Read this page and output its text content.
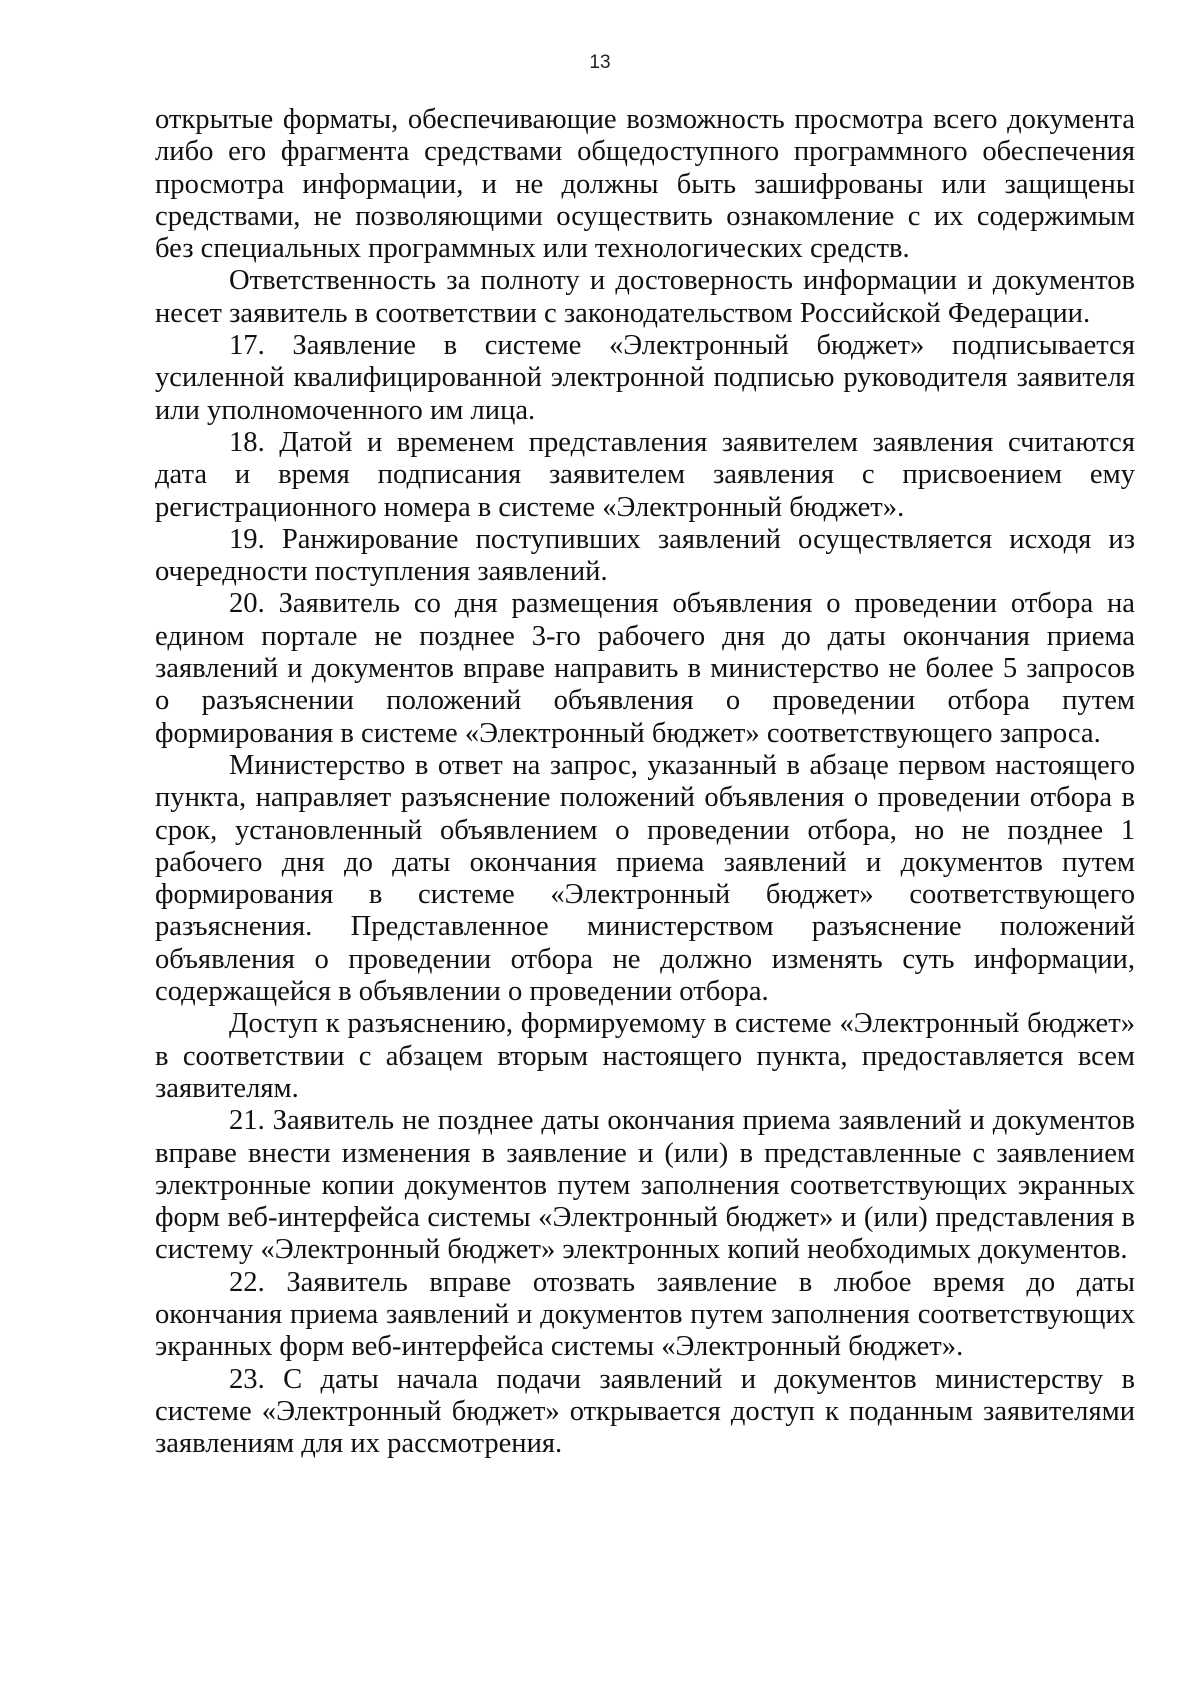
13

открытые форматы, обеспечивающие возможность просмотра всего документа либо его фрагмента средствами общедоступного программного обеспечения просмотра информации, и не должны быть зашифрованы или защищены средствами, не позволяющими осуществить ознакомление с их содержимым без специальных программных или технологических средств.

Ответственность за полноту и достоверность информации и документов несет заявитель в соответствии с законодательством Российской Федерации.

17. Заявление в системе «Электронный бюджет» подписывается усиленной квалифицированной электронной подписью руководителя заявителя или уполномоченного им лица.

18. Датой и временем представления заявителем заявления считаются дата и время подписания заявителем заявления с присвоением ему регистрационного номера в системе «Электронный бюджет».

19. Ранжирование поступивших заявлений осуществляется исходя из очередности поступления заявлений.

20. Заявитель со дня размещения объявления о проведении отбора на едином портале не позднее 3-го рабочего дня до даты окончания приема заявлений и документов вправе направить в министерство не более 5 запросов о разъяснении положений объявления о проведении отбора путем формирования в системе «Электронный бюджет» соответствующего запроса.

Министерство в ответ на запрос, указанный в абзаце первом настоящего пункта, направляет разъяснение положений объявления о проведении отбора в срок, установленный объявлением о проведении отбора, но не позднее 1 рабочего дня до даты окончания приема заявлений и документов путем формирования в системе «Электронный бюджет» соответствующего разъяснения. Представленное министерством разъяснение положений объявления о проведении отбора не должно изменять суть информации, содержащейся в объявлении о проведении отбора.

Доступ к разъяснению, формируемому в системе «Электронный бюджет» в соответствии с абзацем вторым настоящего пункта, предоставляется всем заявителям.

21. Заявитель не позднее даты окончания приема заявлений и документов вправе внести изменения в заявление и (или) в представленные с заявлением электронные копии документов путем заполнения соответствующих экранных форм веб-интерфейса системы «Электронный бюджет» и (или) представления в систему «Электронный бюджет» электронных копий необходимых документов.

22. Заявитель вправе отозвать заявление в любое время до даты окончания приема заявлений и документов путем заполнения соответствующих экранных форм веб-интерфейса системы «Электронный бюджет».

23. С даты начала подачи заявлений и документов министерству в системе «Электронный бюджет» открывается доступ к поданным заявителями заявлениям для их рассмотрения.
